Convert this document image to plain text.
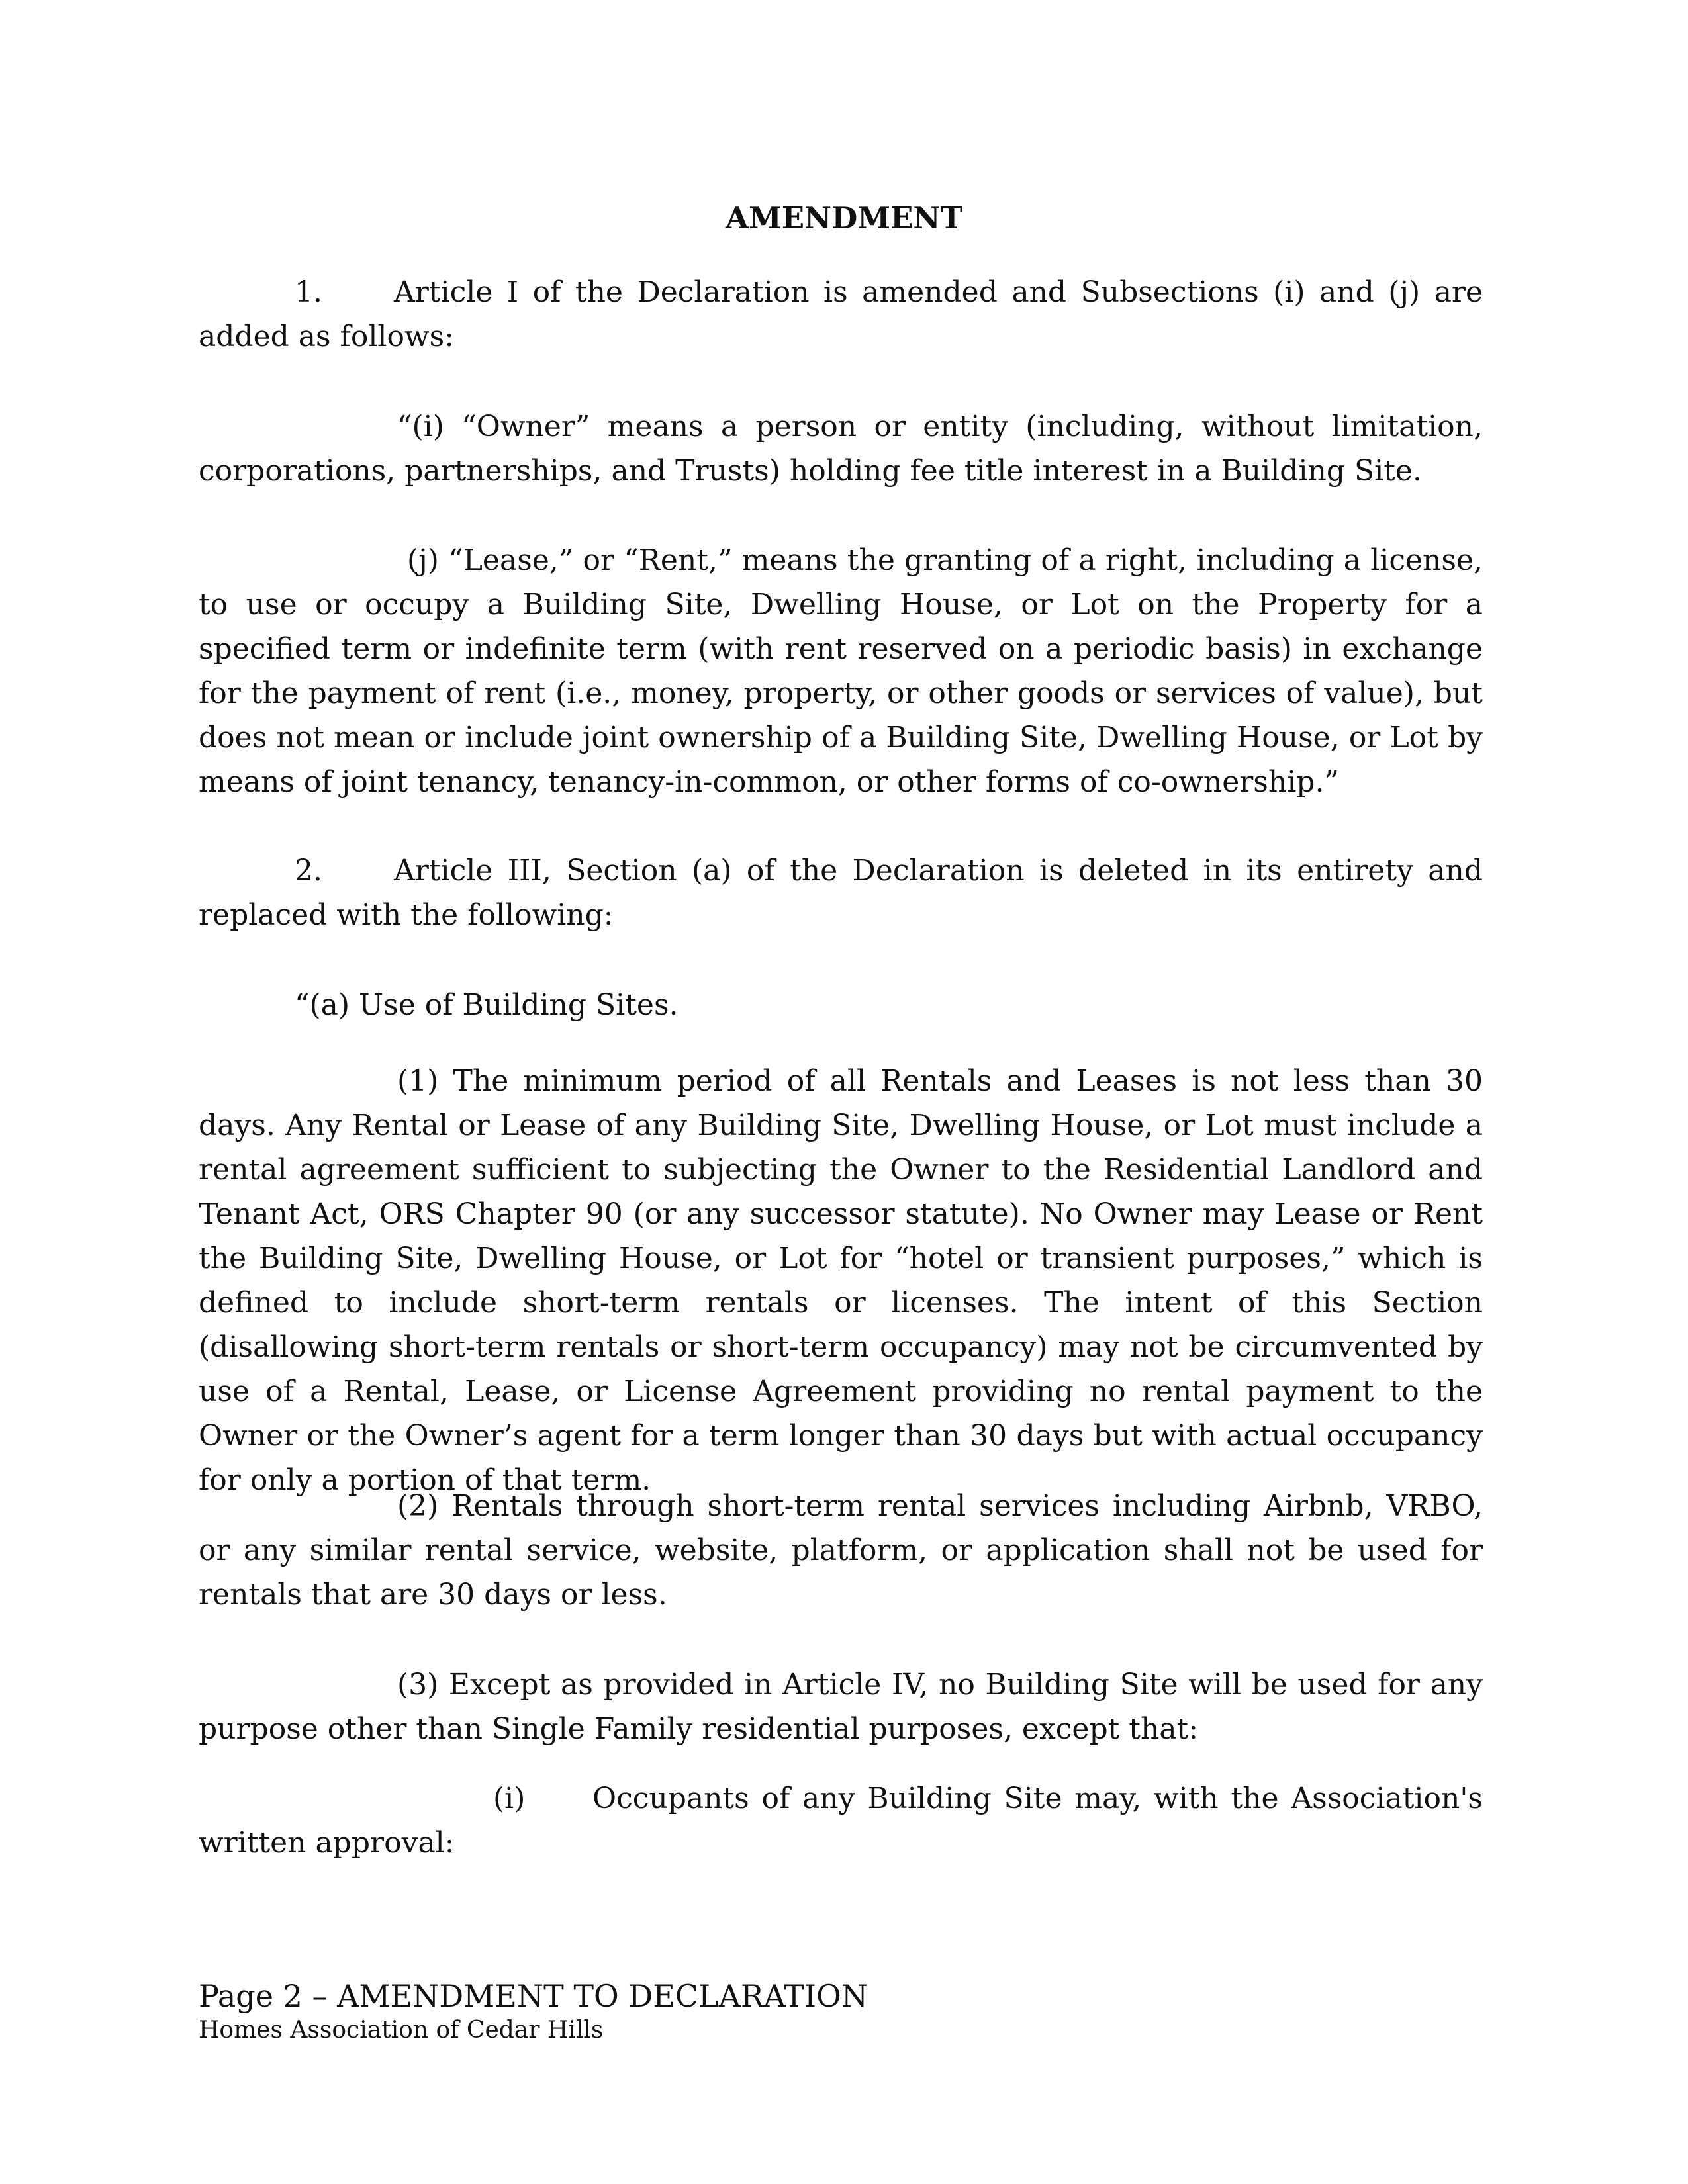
AMENDMENT

1. Article I of the Declaration is amended and Subsections (i) and (j) are added as follows:

“(i) “Owner” means a person or entity (including, without limitation, corporations, partnerships, and Trusts) holding fee title interest in a Building Site.

(j) “Lease,” or “Rent,” means the granting of a right, including a license, to use or occupy a Building Site, Dwelling House, or Lot on the Property for a specified term or indefinite term (with rent reserved on a periodic basis) in exchange for the payment of rent (i.e., money, property, or other goods or services of value), but does not mean or include joint ownership of a Building Site, Dwelling House, or Lot by means of joint tenancy, tenancy-in-common, or other forms of co-ownership.”

2. Article III, Section (a) of the Declaration is deleted in its entirety and replaced with the following:

“(a) Use of Building Sites.

(1) The minimum period of all Rentals and Leases is not less than 30 days. Any Rental or Lease of any Building Site, Dwelling House, or Lot must include a rental agreement sufficient to subjecting the Owner to the Residential Landlord and Tenant Act, ORS Chapter 90 (or any successor statute). No Owner may Lease or Rent the Building Site, Dwelling House, or Lot for “hotel or transient purposes,” which is defined to include short-term rentals or licenses. The intent of this Section (disallowing short-term rentals or short-term occupancy) may not be circumvented by use of a Rental, Lease, or License Agreement providing no rental payment to the Owner or the Owner’s agent for a term longer than 30 days but with actual occupancy for only a portion of that term.

(2) Rentals through short-term rental services including Airbnb, VRBO, or any similar rental service, website, platform, or application shall not be used for rentals that are 30 days or less.

(3) Except as provided in Article IV, no Building Site will be used for any purpose other than Single Family residential purposes, except that:

(i) Occupants of any Building Site may, with the Association's written approval:

Page 2 – AMENDMENT TO DECLARATION

Homes Association of Cedar Hills
